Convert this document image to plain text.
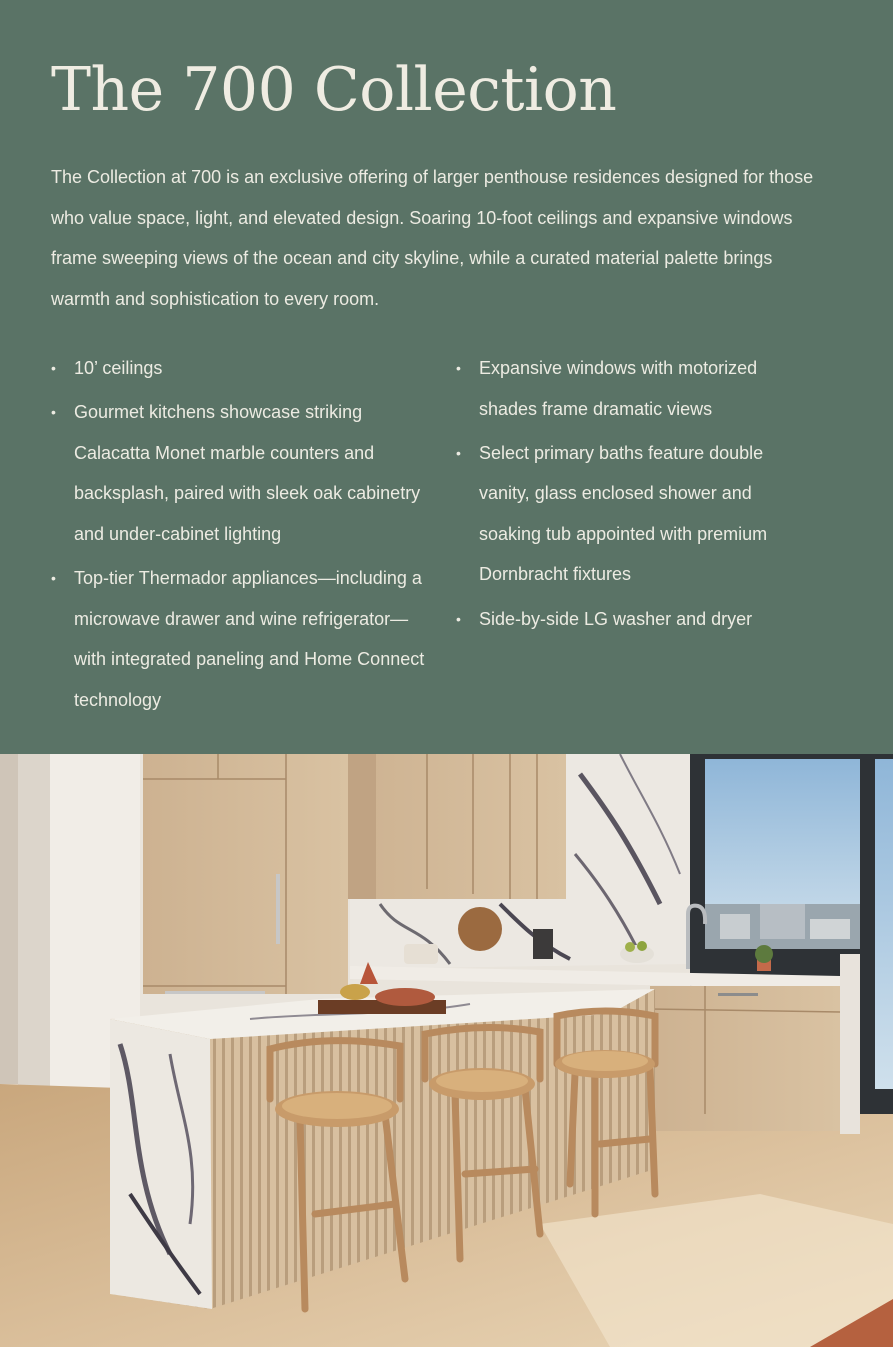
The 700 Collection

The Collection at 700 is an exclusive offering of larger penthouse residences designed for those who value space, light, and elevated design. Soaring 10-foot ceilings and expansive windows frame sweeping views of the ocean and city skyline, while a curated material palette brings warmth and sophistication to every room.

• 10’ ceilings
• Gourmet kitchens showcase striking Calacatta Monet marble counters and backsplash, paired with sleek oak cabinetry and under-cabinet lighting
• Top-tier Thermador appliances—including a microwave drawer and wine refrigerator—with integrated paneling and Home Connect technology
• Expansive windows with motorized shades frame dramatic views
• Select primary baths feature double vanity, glass enclosed shower and soaking tub appointed with premium Dornbracht fixtures
• Side-by-side LG washer and dryer
